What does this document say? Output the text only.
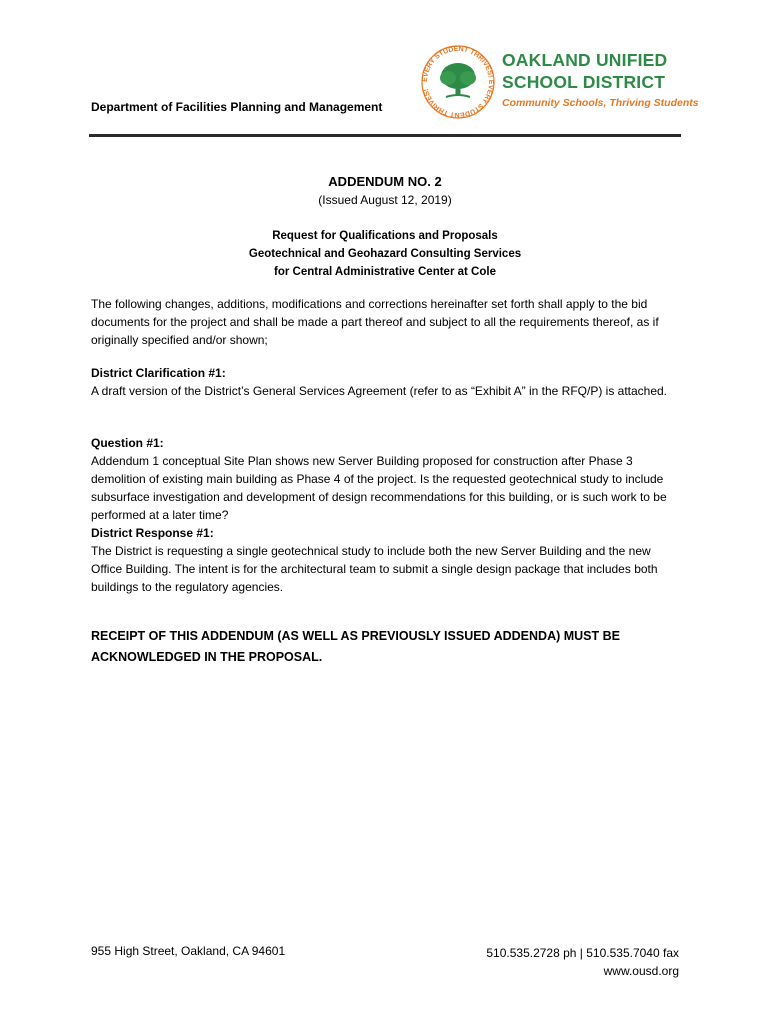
EVERY STUDENT THRIVES! EVERY STUDENT THRIVES!
OAKLAND UNIFIED
SCHOOL DISTRICT
Community Schools, Thriving Students
Department of Facilities Planning and Management
ADDENDUM NO. 2
(Issued August 12, 2019)
Request for Qualifications and Proposals
Geotechnical and Geohazard Consulting Services
for Central Administrative Center at Cole

The following changes, additions, modifications and corrections hereinafter set forth shall apply to the bid documents for the project and shall be made a part thereof and subject to all the requirements thereof, as if originally specified and/or shown;

District Clarification #1:

A draft version of the District’s General Services Agreement (refer to as “Exhibit A” in the RFQ/P) is attached.

Question #1:

Addendum 1 conceptual Site Plan shows new Server Building proposed for construction after Phase 3 demolition of existing main building as Phase 4 of the project. Is the requested geotechnical study to include subsurface investigation and development of design recommendations for this building, or is such work to be performed at a later time?

District Response #1:

The District is requesting a single geotechnical study to include both the new Server Building and the new Office Building. The intent is for the architectural team to submit a single design package that includes both buildings to the regulatory agencies.

RECEIPT OF THIS ADDENDUM (AS WELL AS PREVIOUSLY ISSUED ADDENDA) MUST BE ACKNOWLEDGED IN THE PROPOSAL.
955 High Street, Oakland, CA 94601	510.535.2728 ph | 510.535.7040 fax
www.ousd.org
